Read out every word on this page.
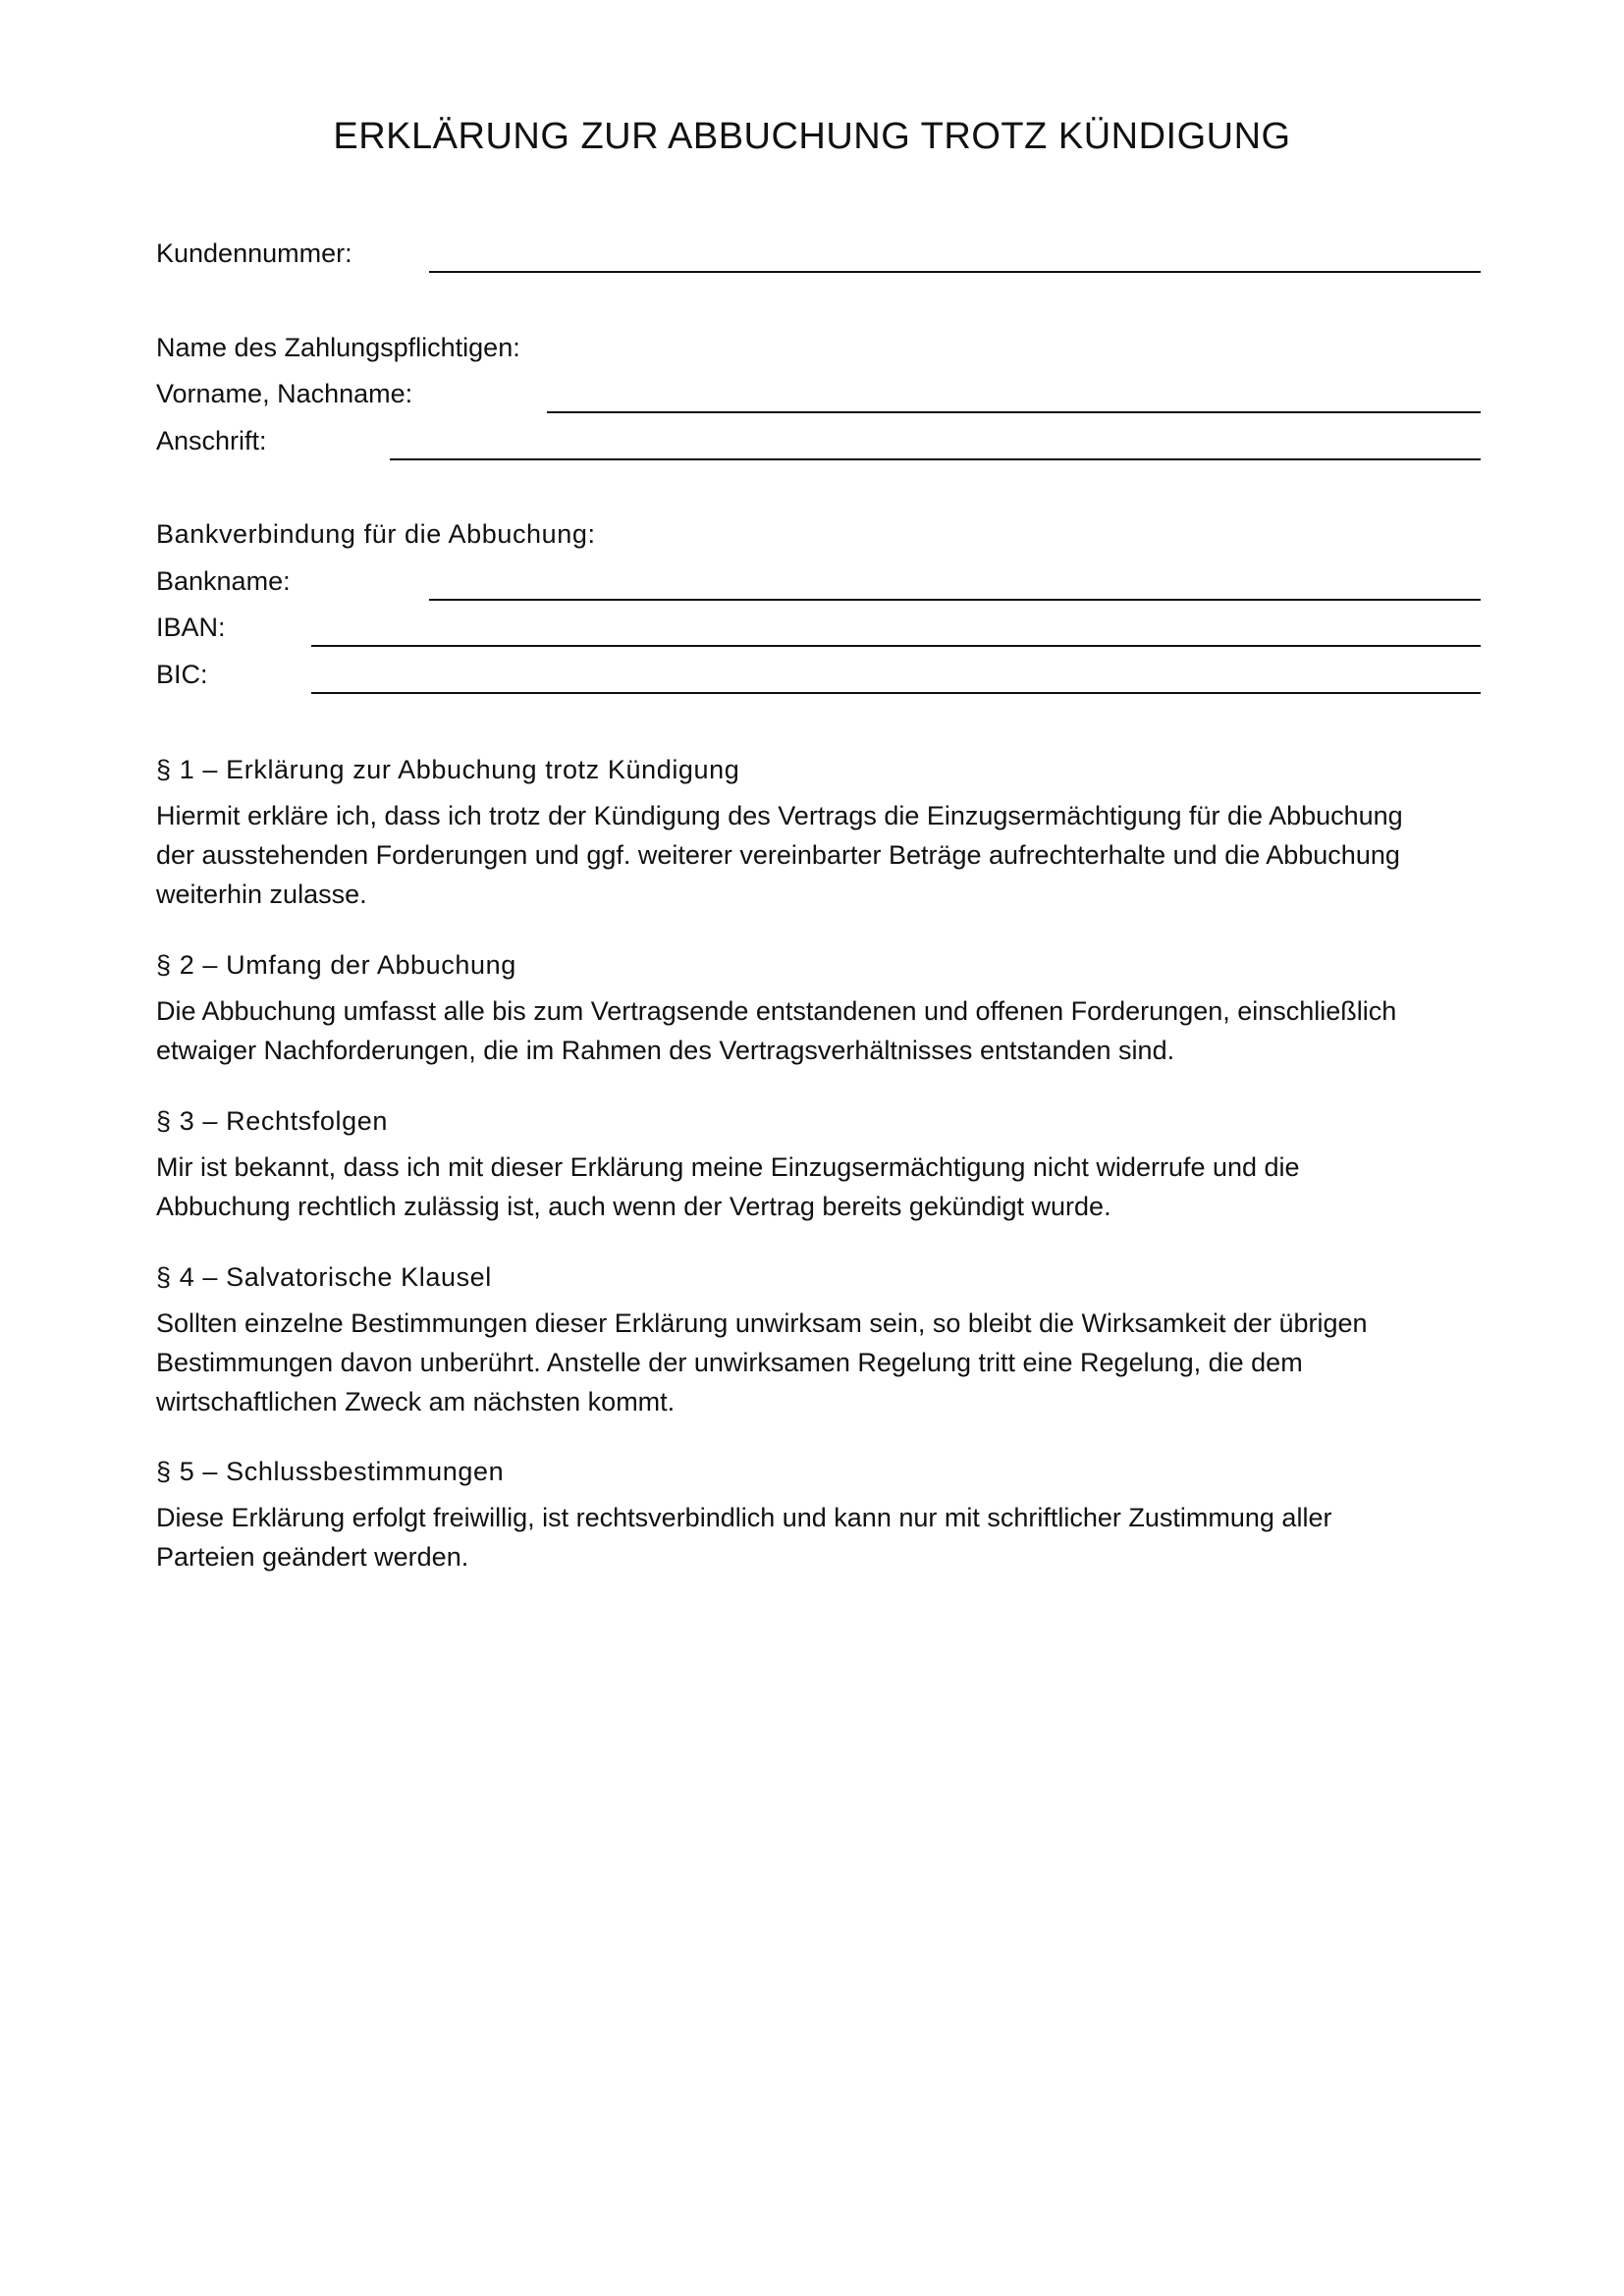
ERKLÄRUNG ZUR ABBUCHUNG TROTZ KÜNDIGUNG
Kundennummer:
Name des Zahlungspflichtigen:
Vorname, Nachname:
Anschrift:
Bankverbindung für die Abbuchung:
Bankname:
IBAN:
BIC:
§ 1 – Erklärung zur Abbuchung trotz Kündigung

Hiermit erkläre ich, dass ich trotz der Kündigung des Vertrags die Einzugsermächtigung für die Abbuchung

der ausstehenden Forderungen und ggf. weiterer vereinbarter Beträge aufrechterhalte und die Abbuchung

weiterhin zulasse.

§ 2 – Umfang der Abbuchung

Die Abbuchung umfasst alle bis zum Vertragsende entstandenen und offenen Forderungen, einschließlich

etwaiger Nachforderungen, die im Rahmen des Vertragsverhältnisses entstanden sind.

§ 3 – Rechtsfolgen

Mir ist bekannt, dass ich mit dieser Erklärung meine Einzugsermächtigung nicht widerrufe und die

Abbuchung rechtlich zulässig ist, auch wenn der Vertrag bereits gekündigt wurde.

§ 4 – Salvatorische Klausel

Sollten einzelne Bestimmungen dieser Erklärung unwirksam sein, so bleibt die Wirksamkeit der übrigen

Bestimmungen davon unberührt. Anstelle der unwirksamen Regelung tritt eine Regelung, die dem

wirtschaftlichen Zweck am nächsten kommt.

§ 5 – Schlussbestimmungen

Diese Erklärung erfolgt freiwillig, ist rechtsverbindlich und kann nur mit schriftlicher Zustimmung aller

Parteien geändert werden.
